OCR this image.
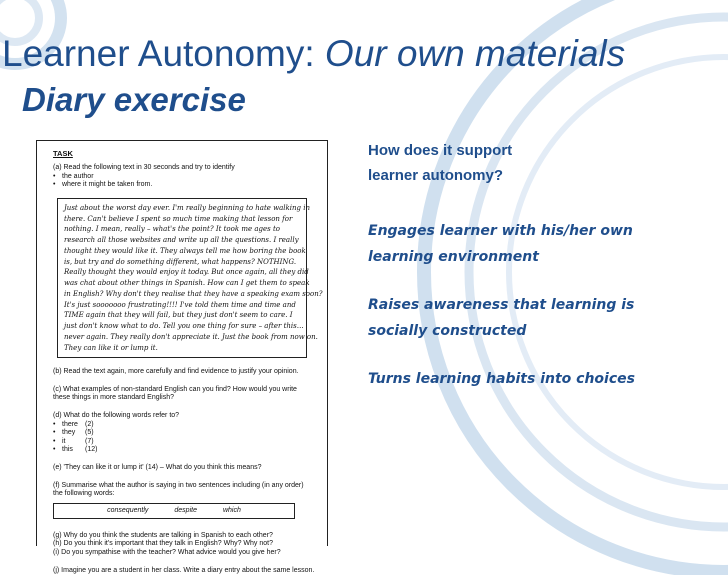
Learner Autonomy: Our own materials
Diary exercise
TASK

(a) Read the following text in 30 seconds and try to identify

• the author
• where it might be taken from.
Just about the worst day ever. I'm really beginning to hate walking in
there. Can't believe I spent so much time making that lesson for
nothing. I mean, really – what's the point? It took me ages to
research all those websites and write up all the questions. I really
thought they would like it. They always tell me how boring the book
is, but try and do something different, what happens? NOTHING.
Really thought they would enjoy it today. But once again, all they did
was chat about other things in Spanish. How can I get them to speak
in English? Why don't they realise that they have a speaking exam soon?
It's just sooooooo frustrating!!!! I've told them time and time and
TIME again that they will fail, but they just don't seem to care. I
just don't know what to do. Tell you one thing for sure – after this…
never again. They really don't appreciate it. Just the book from now on.
They can like it or lump it.

(b) Read the text again, more carefully and find evidence to justify your opinion.

(c) What examples of non-standard English can you find? How would you write these things in more standard English?

(d) What do the following words refer to?

• there (2)
• they (5)
• it	(7)
• this (12)

(e) 'They can like it or lump it' (14) – What do you think this means?

(f) Summarise what the author is saying in two sentences including (in any order) the following words:

consequently	despite	which

(g) Why do you think the students are talking in Spanish to each other?

(h) Do you think it's important that they talk in English? Why? Why not?

(i) Do you sympathise with the teacher? What advice would you give her?

(j) Imagine you are a student in her class. Write a diary entry about the same lesson.

How does it support

learner autonomy?

Engages learner with his/her own

learning environment

Raises awareness that learning is

socially constructed

Turns learning habits into choices
